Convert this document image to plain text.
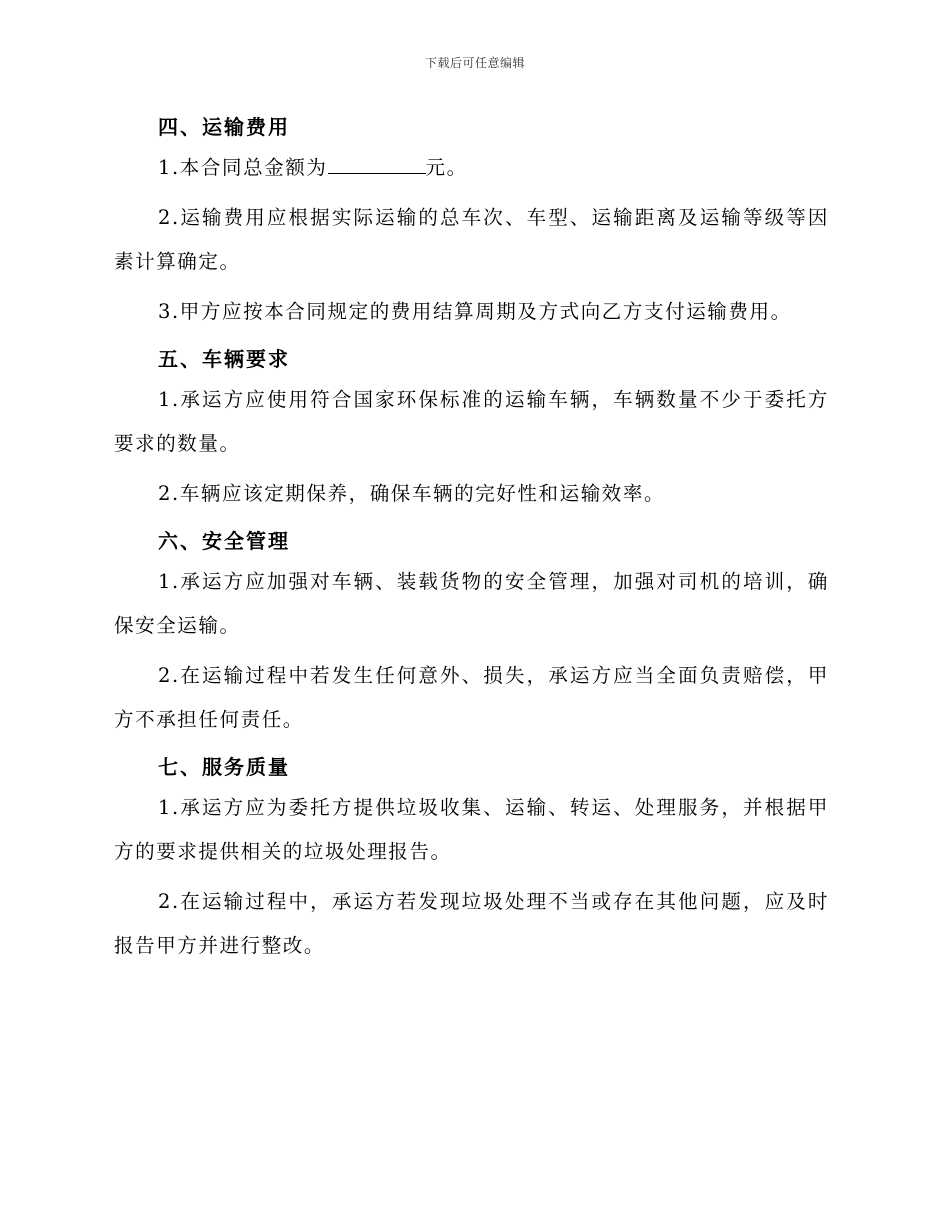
下载后可任意编辑
四、运输费用

1.本合同总金额为	元。

2.运输费用应根据实际运输的总车次、车型、运输距离及运输等级等因素计算确定。

3.甲方应按本合同规定的费用结算周期及方式向乙方支付运输费用。

五、车辆要求

1.承运方应使用符合国家环保标准的运输车辆，车辆数量不少于委托方要求的数量。

2.车辆应该定期保养，确保车辆的完好性和运输效率。

六、安全管理

1.承运方应加强对车辆、装载货物的安全管理，加强对司机的培训，确保安全运输。

2.在运输过程中若发生任何意外、损失，承运方应当全面负责赔偿，甲方不承担任何责任。

七、服务质量

1.承运方应为委托方提供垃圾收集、运输、转运、处理服务，并根据甲方的要求提供相关的垃圾处理报告。

2.在运输过程中，承运方若发现垃圾处理不当或存在其他问题，应及时报告甲方并进行整改。
